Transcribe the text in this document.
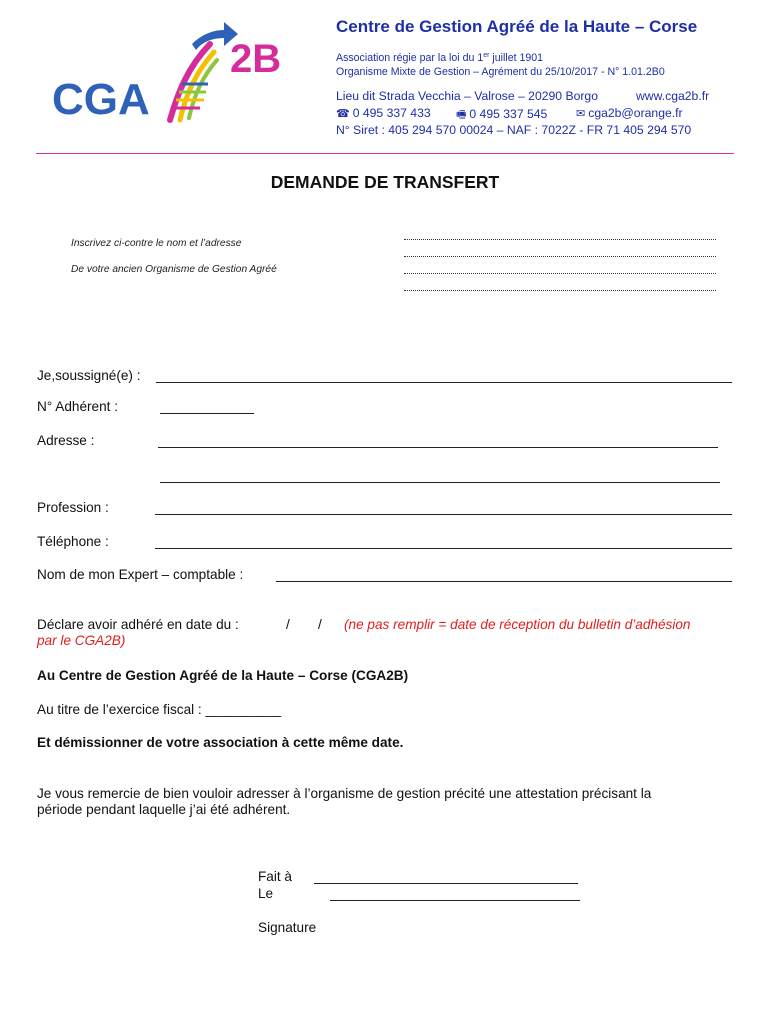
CGA
2B
Centre de Gestion Agréé de la Haute – Corse
Association régie par la loi du 1er juillet 1901
Organisme Mixte de Gestion – Agrément du 25/10/2017 - N° 1.01.2B0
Lieu dit Strada Vecchia – Valrose – 20290 Borgo	www.cga2b.fr
☎ 0 495 337 433 🖷 0 495 337 545	✉ cga2b@orange.fr
N° Siret : 405 294 570 00024 – NAF : 7022Z - FR 71 405 294 570
DEMANDE DE TRANSFERT
Inscrivez ci-contre le nom et l’adresse
De votre ancien Organisme de Gestion Agréé
Je,soussigné(e) :
N° Adhérent :
Adresse :
Profession :
Téléphone :
Nom de mon Expert – comptable :
Déclare avoir adhéré en date du :	/ / (ne pas remplir = date de réception du bulletin d’adhésion
par le CGA2B)
Au Centre de Gestion Agréé de la Haute – Corse (CGA2B)
Au titre de l’exercice fiscal : __________
Et démissionner de votre association à cette même date.
Je vous remercie de bien vouloir adresser à l’organisme de gestion précité une attestation précisant la
période pendant laquelle j’ai été adhérent.
Fait à
Le
Signature
